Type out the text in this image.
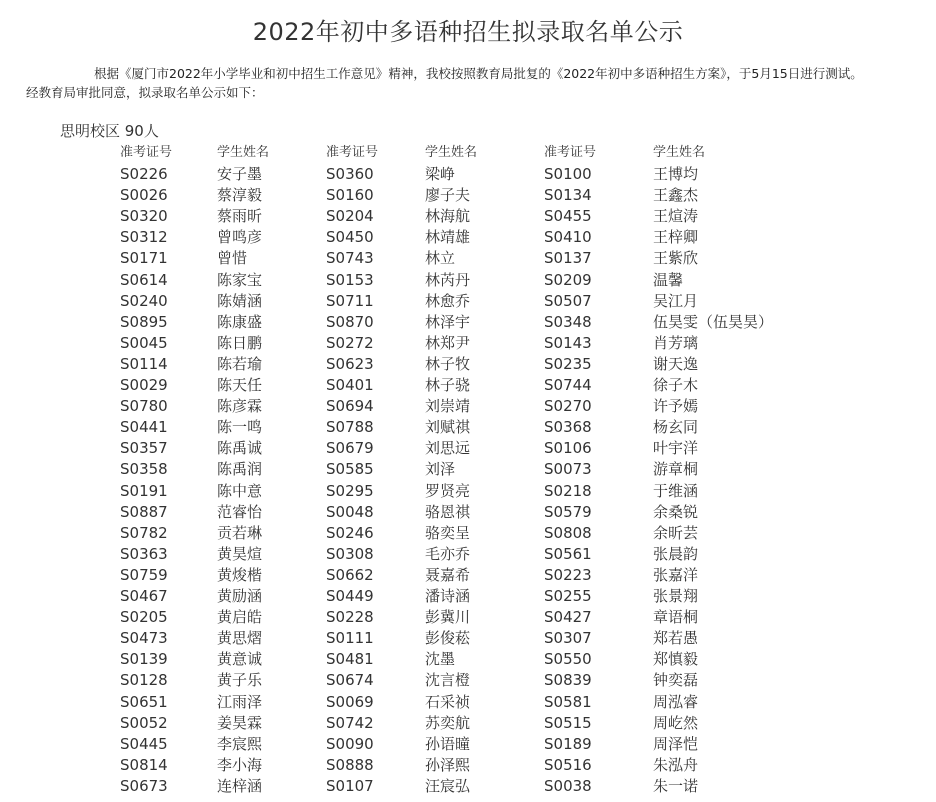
2022年初中多语种招生拟录取名单公示

根据《厦门市2022年小学毕业和初中招生工作意见》精神，我校按照教育局批复的《2022年初中多语种招生方案》，于5月15日进行测试。
经教育局审批同意，拟录取名单公示如下：

思明校区 90人
准考证号	学生姓名	准考证号	学生姓名	准考证号	学生姓名
S0226	安子墨	S0360	梁峥	S0100	王博均
S0026	蔡淳毅	S0160	廖子夫	S0134	王鑫杰
S0320	蔡雨昕	S0204	林海航	S0455	王煊涛
S0312	曾鸣彦	S0450	林靖雄	S0410	王梓卿
S0171	曾惜	S0743	林立	S0137	王紫欣
S0614	陈家宝	S0153	林芮丹	S0209	温馨
S0240	陈婧涵	S0711	林愈乔	S0507	吴江月
S0895	陈康盛	S0870	林泽宇	S0348	伍昊雯（伍昊昊）
S0045	陈日鹏	S0272	林郑尹	S0143	肖芳璃
S0114	陈若瑜	S0623	林子牧	S0235	谢天逸
S0029	陈天任	S0401	林子骁	S0744	徐子木
S0780	陈彦霖	S0694	刘崇靖	S0270	许予嫣
S0441	陈一鸣	S0788	刘赋祺	S0368	杨玄同
S0357	陈禹诚	S0679	刘思远	S0106	叶宇洋
S0358	陈禹润	S0585	刘泽	S0073	游章桐
S0191	陈中意	S0295	罗贤亮	S0218	于维涵
S0887	范睿怡	S0048	骆恩祺	S0579	余桑锐
S0782	贡若琳	S0246	骆奕呈	S0808	余昕芸
S0363	黄昊煊	S0308	毛亦乔	S0561	张晨韵
S0759	黄焌楷	S0662	聂嘉希	S0223	张嘉洋
S0467	黄励涵	S0449	潘诗涵	S0255	张景翔
S0205	黄启皓	S0228	彭冀川	S0427	章语桐
S0473	黄思熠	S0111	彭俊菘	S0307	郑若愚
S0139	黄意诚	S0481	沈墨	S0550	郑慎毅
S0128	黄子乐	S0674	沈言橙	S0839	钟奕磊
S0651	江雨泽	S0069	石采祯	S0581	周泓睿
S0052	姜昊霖	S0742	苏奕航	S0515	周屹然
S0445	李宸熙	S0090	孙语曈	S0189	周泽恺
S0814	李小海	S0888	孙泽熙	S0516	朱泓舟
S0673	连梓涵	S0107	汪宸弘	S0038	朱一诺
